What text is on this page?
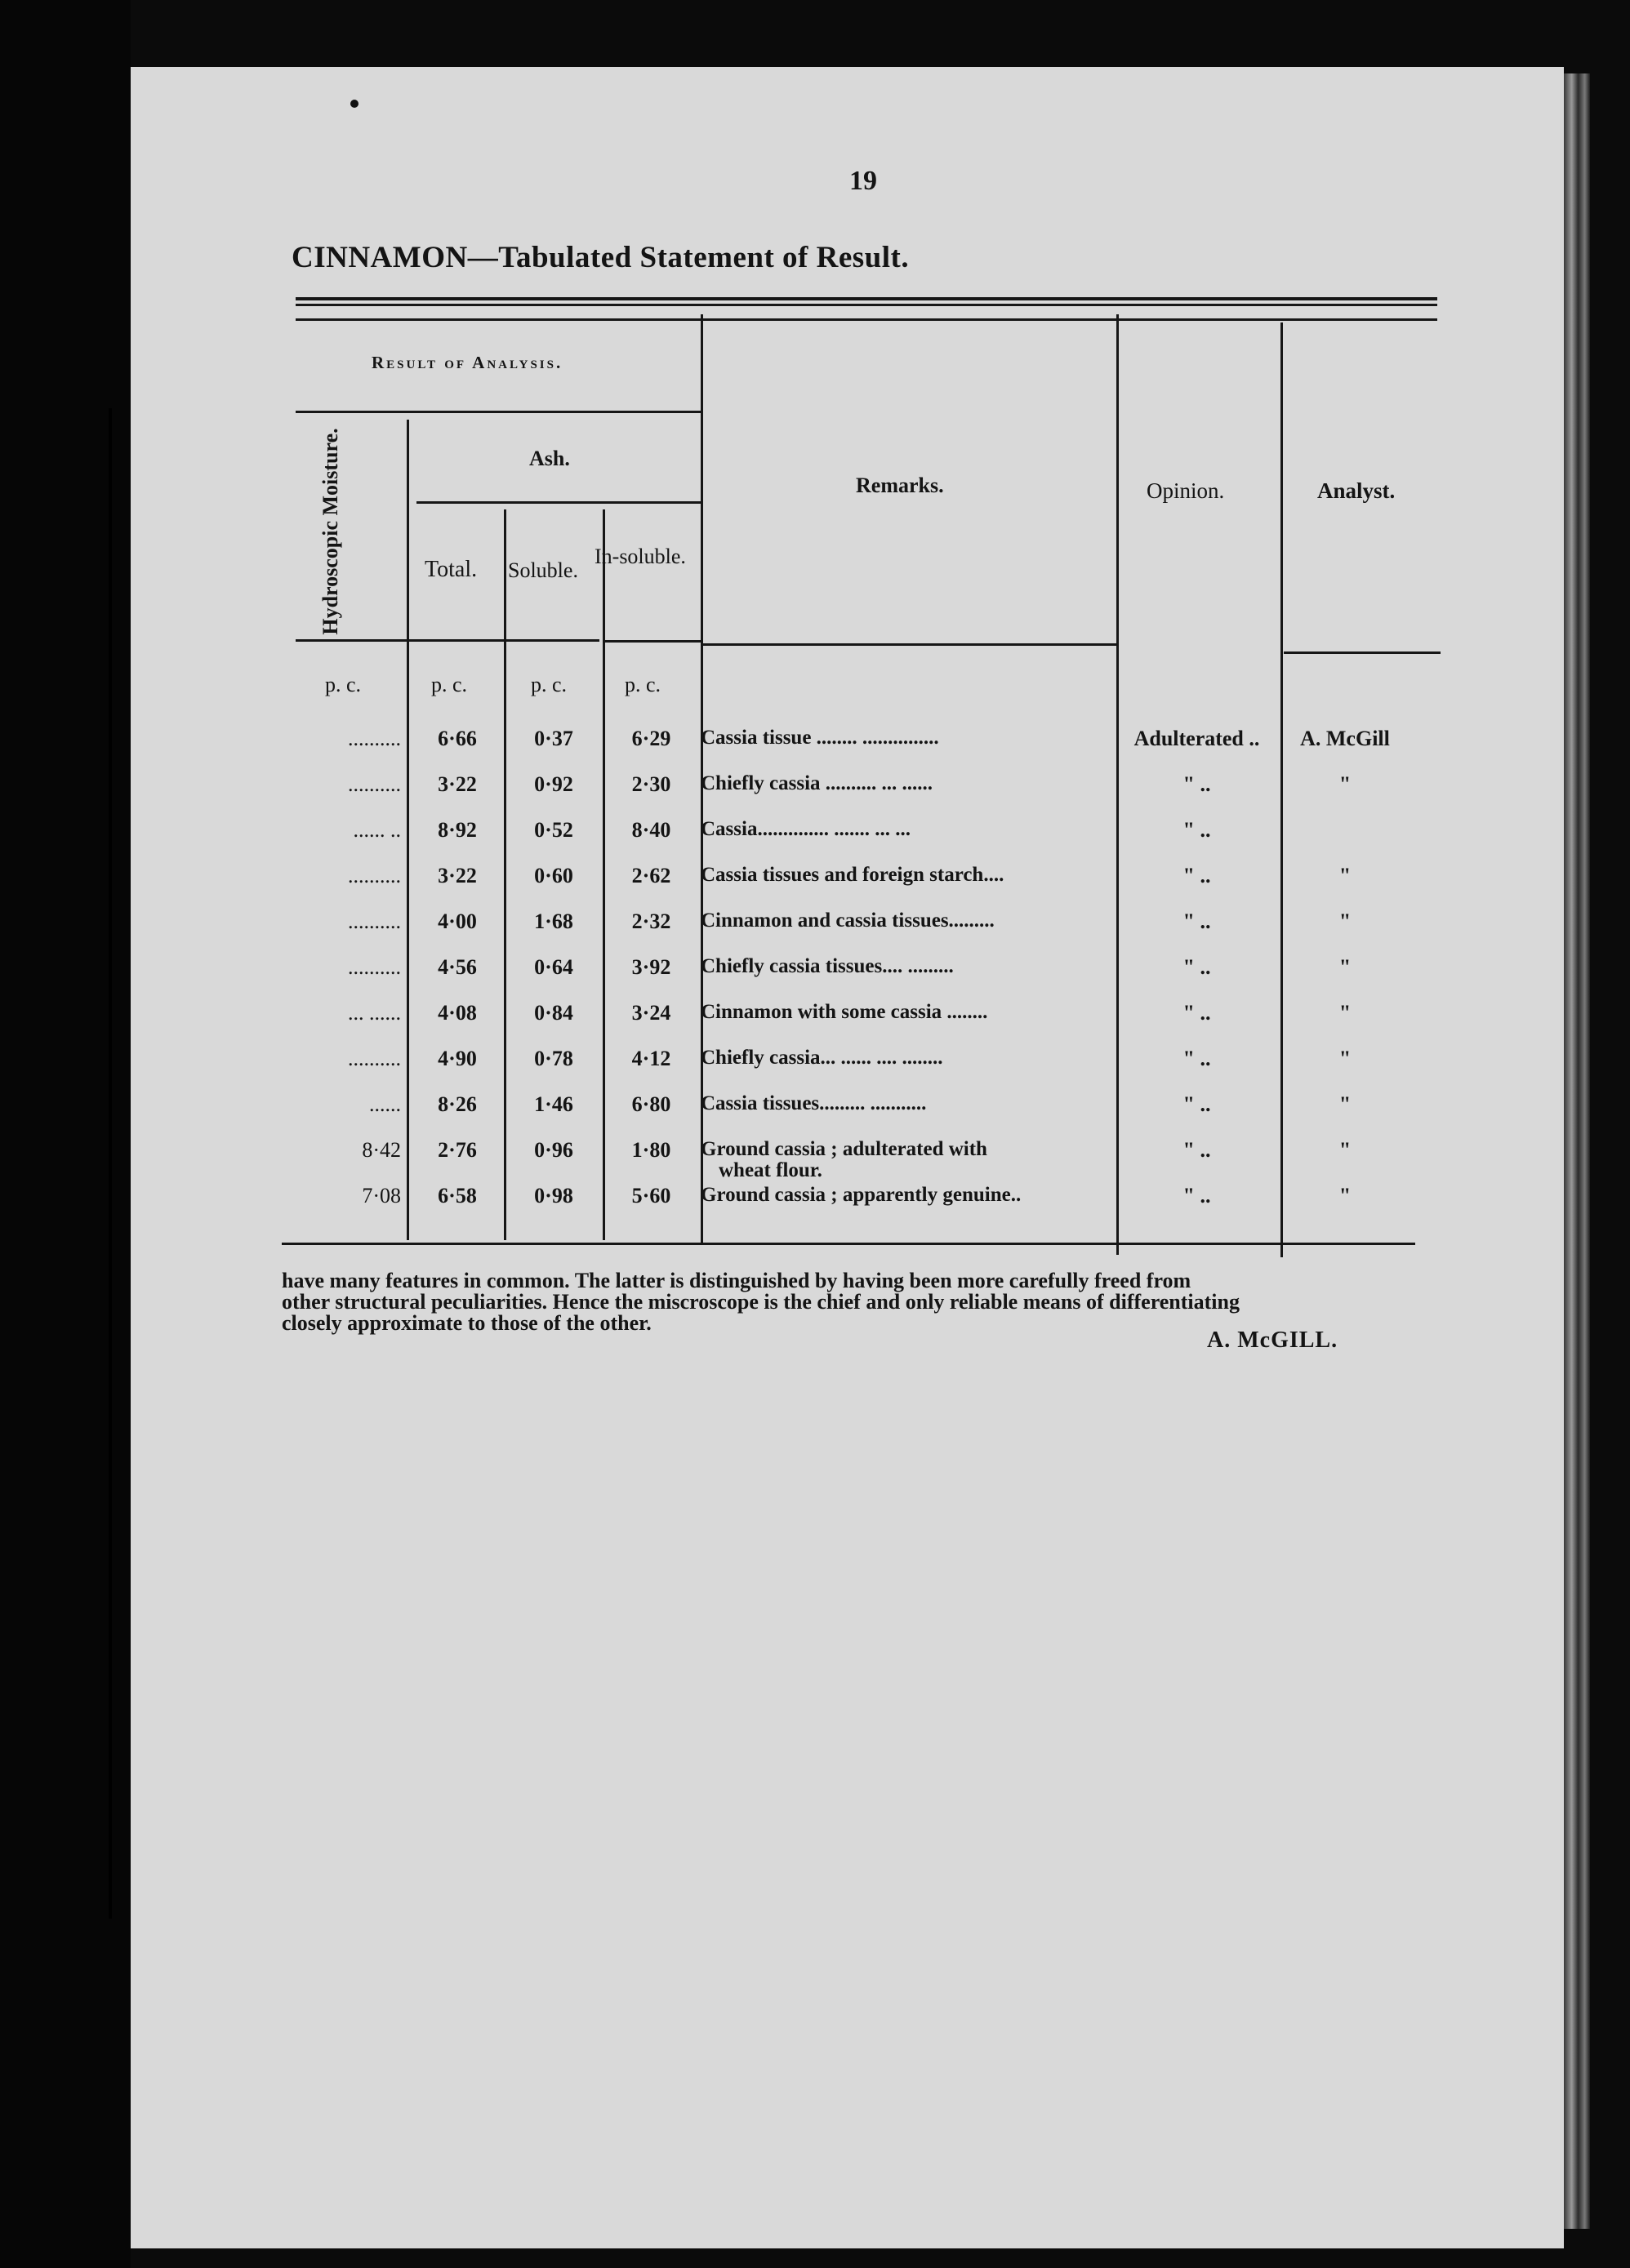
19
CINNAMON—Tabulated Statement of Result.
Result of Analysis.
Ash.
Hydroscopic Moisture.	Total. Soluble.
In-soluble.
Remarks.	Opinion.	Analyst.
p. c.	p. c.	p. c.	p. c.
..........	6·66	0·37	6·29	Cassia tissue ........ ...............	Adulterated ..	A. McGill
..........	3·22	0·92	2·30	Chiefly cassia .......... ... ......	" ..	"
...... ..	8·92	0·52	8·40	Cassia.............. ....... ... ...	" ..
..........	3·22	0·60	2·62	Cassia tissues and foreign starch....	" ..	"
..........	4·00	1·68	2·32	Cinnamon and cassia tissues.........	" ..	"
..........	4·56	0·64	3·92	Chiefly cassia tissues.... .........	" ..	"
... ......	4·08	0·84	3·24	Cinnamon with some cassia ........	" ..	"
..........	4·90	0·78	4·12	Chiefly cassia... ...... .... ........	" ..	"
......	8·26	1·46	6·80	Cassia tissues......... ...........	" ..	"
8·42	2·76	0·96	1·80	Ground cassia ; adulterated with	" ..	"
wheat flour.
7·08	6·58	0·98	5·60	Ground cassia ; apparently genuine..	" ..	"
have many features in common. The latter is distinguished by having been more carefully freed from
other structural peculiarities. Hence the miscroscope is the chief and only reliable means of differentiating
closely approximate to those of the other.
A. McGILL.
